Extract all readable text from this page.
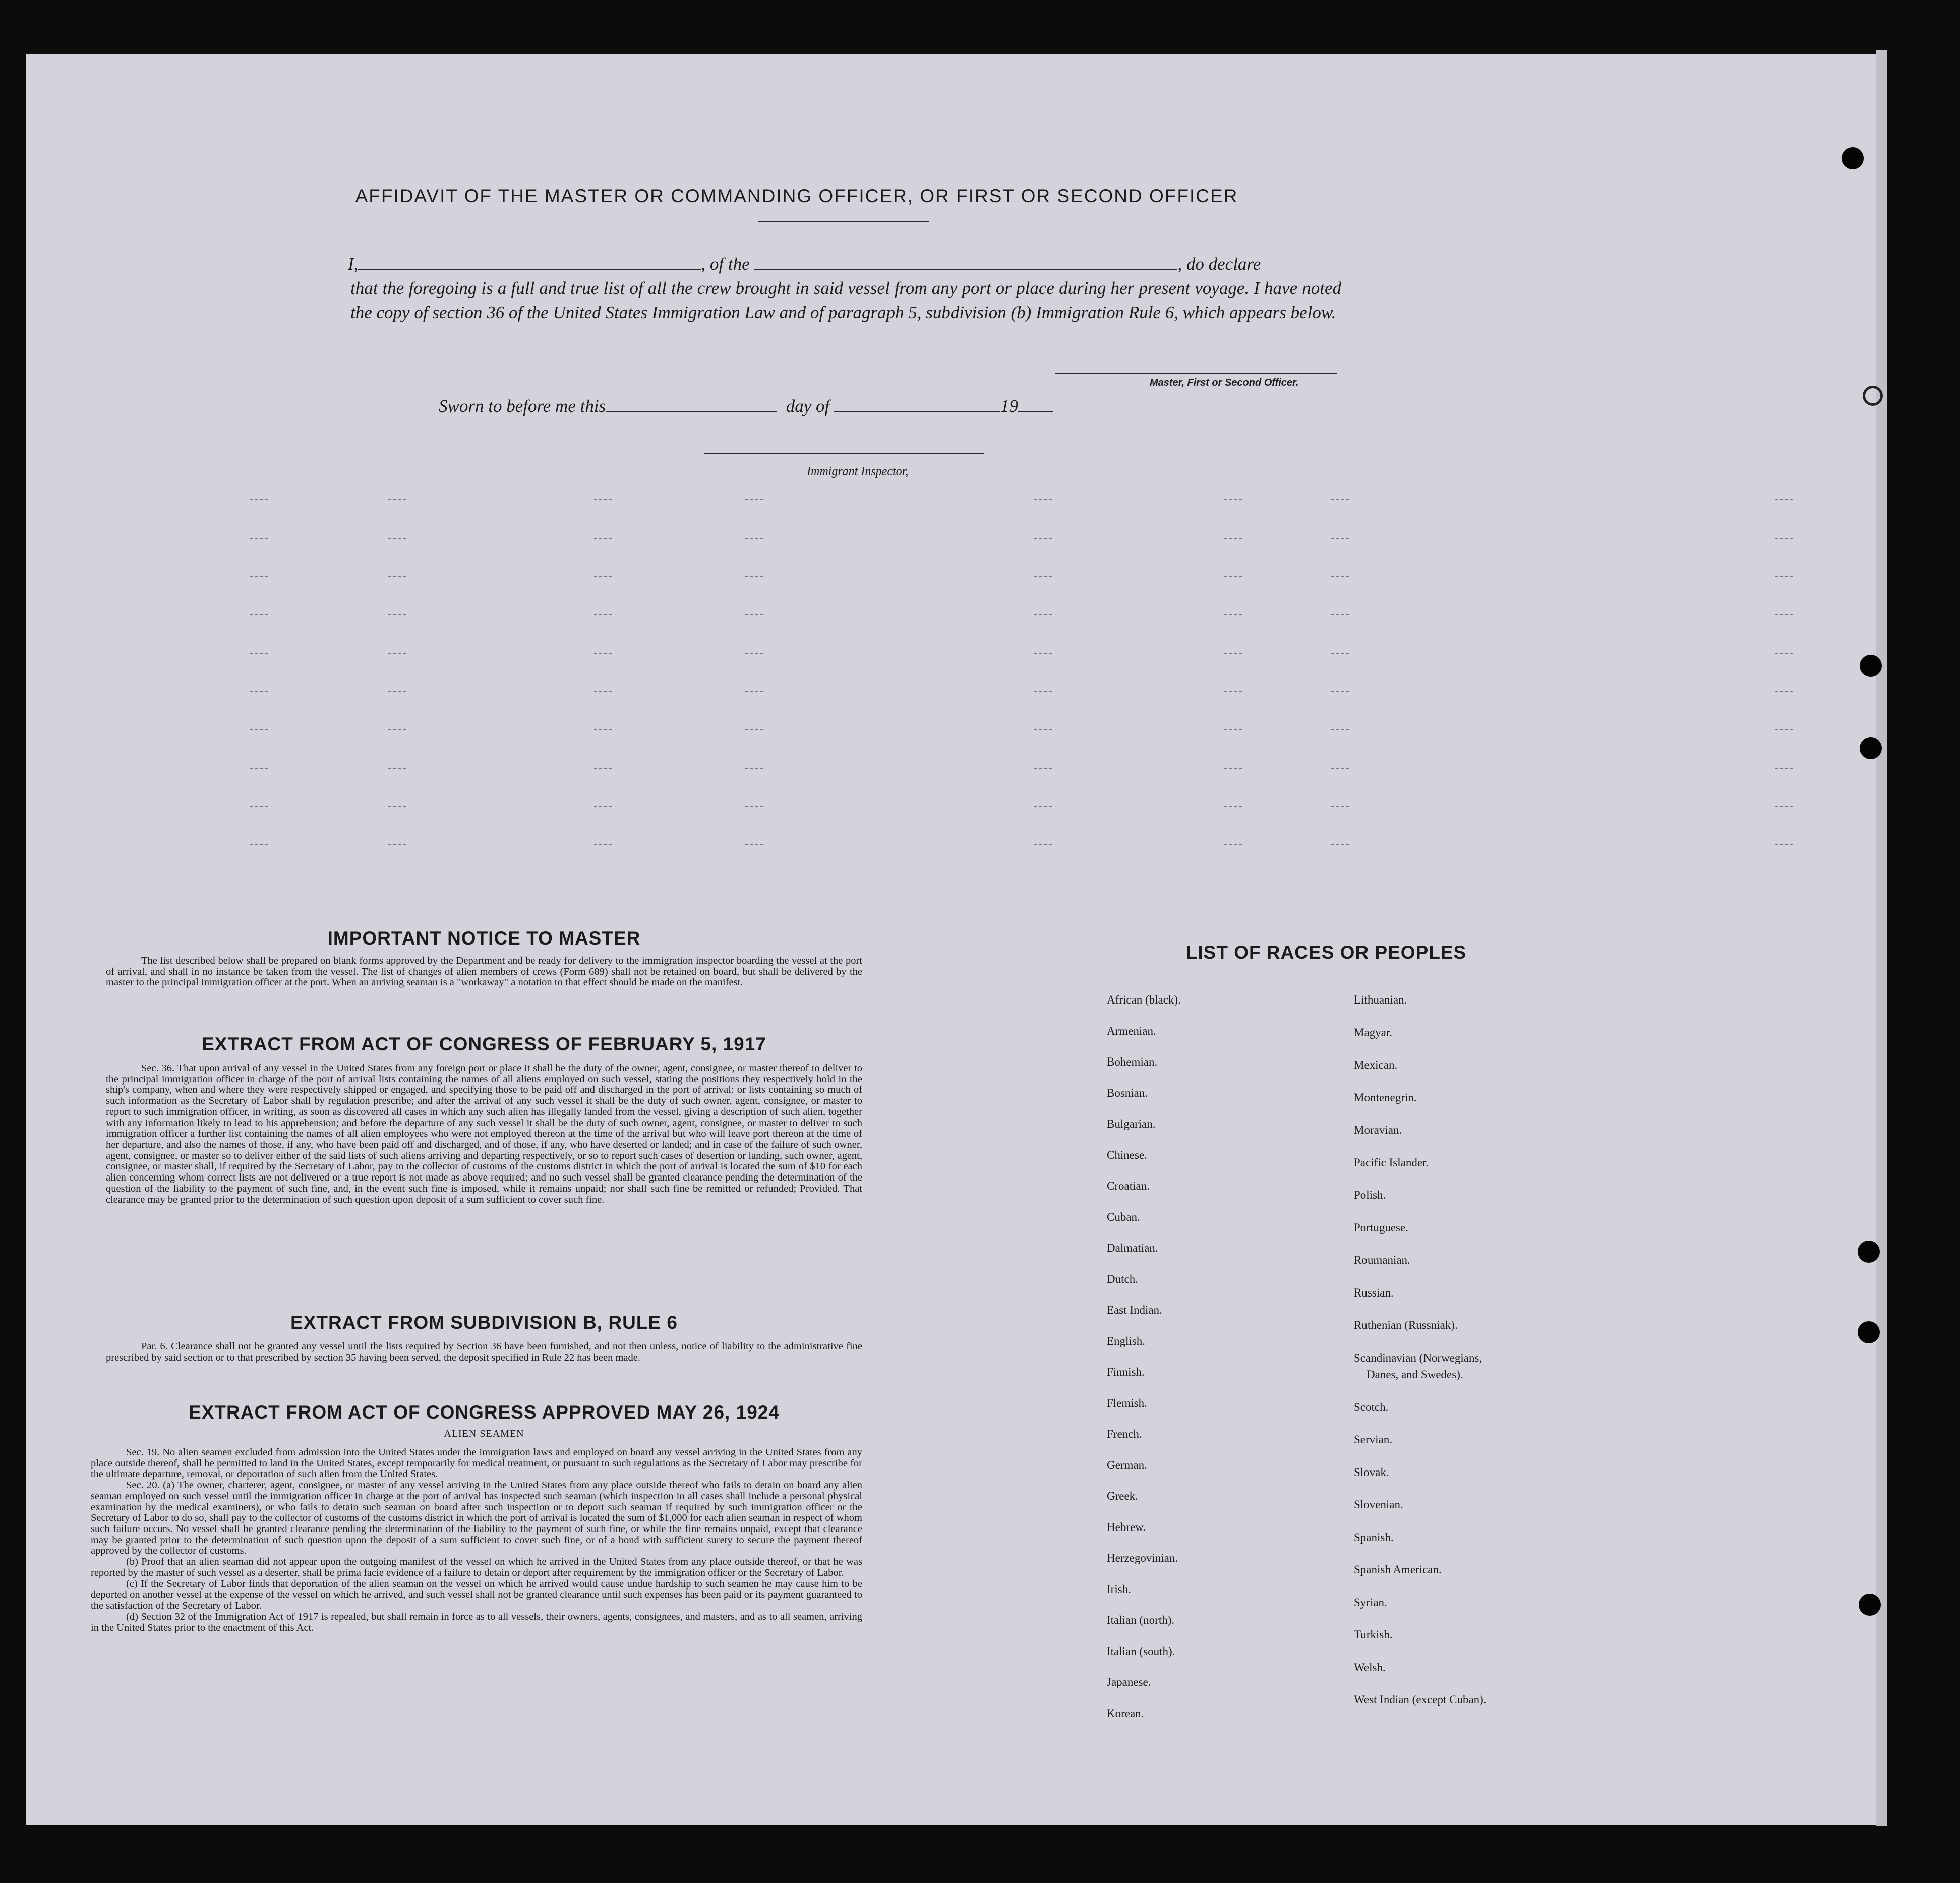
AFFIDAVIT OF THE MASTER OR COMMANDING OFFICER, OR FIRST OR SECOND OFFICER
I,	, of the	, do declare
that the foregoing is a full and true list of all the crew brought in said vessel from any port or place during her present voyage. I have noted the copy of section 36 of the United States Immigration Law and of paragraph 5, subdivision (b) Immigration Rule 6, which appears below.
Master, First or Second Officer.
Sworn to before me this	day of	19
Immigrant Inspector,
IMPORTANT NOTICE TO MASTER

The list described below shall be prepared on blank forms approved by the Department and be ready for delivery to the immigration inspector boarding the vessel at the port of arrival, and shall in no instance be taken from the vessel. The list of changes of alien members of crews (Form 689) shall not be retained on board, but shall be delivered by the master to the principal immigration officer at the port. When an arriving seaman is a "workaway" a notation to that effect should be made on the manifest.

EXTRACT FROM ACT OF CONGRESS OF FEBRUARY 5, 1917

Sec. 36. That upon arrival of any vessel in the United States from any foreign port or place it shall be the duty of the owner, agent, consignee, or master thereof to deliver to the principal immigration officer in charge of the port of arrival lists containing the names of all aliens employed on such vessel, stating the positions they respectively hold in the ship's company, when and where they were respectively shipped or engaged, and specifying those to be paid off and discharged in the port of arrival: or lists containing so much of such information as the Secretary of Labor shall by regulation prescribe; and after the arrival of any such vessel it shall be the duty of such owner, agent, consignee, or master to report to such immigration officer, in writing, as soon as discovered all cases in which any such alien has illegally landed from the vessel, giving a description of such alien, together with any information likely to lead to his apprehension; and before the departure of any such vessel it shall be the duty of such owner, agent, consignee, or master to deliver to such immigration officer a further list containing the names of all alien employees who were not employed thereon at the time of the arrival but who will leave port thereon at the time of her departure, and also the names of those, if any, who have been paid off and discharged, and of those, if any, who have deserted or landed; and in case of the failure of such owner, agent, consignee, or master so to deliver either of the said lists of such aliens arriving and departing respectively, or so to report such cases of desertion or landing, such owner, agent, consignee, or master shall, if required by the Secretary of Labor, pay to the collector of customs of the customs district in which the port of arrival is located the sum of $10 for each alien concerning whom correct lists are not delivered or a true report is not made as above required; and no such vessel shall be granted clearance pending the determination of the question of the liability to the payment of such fine, and, in the event such fine is imposed, while it remains unpaid; nor shall such fine be remitted or refunded; Provided. That clearance may be granted prior to the determination of such question upon deposit of a sum sufficient to cover such fine.

EXTRACT FROM SUBDIVISION B, RULE 6

Par. 6. Clearance shall not be granted any vessel until the lists required by Section 36 have been furnished, and not then unless, notice of liability to the administrative fine prescribed by said section or to that prescribed by section 35 having been served, the deposit specified in Rule 22 has been made.

EXTRACT FROM ACT OF CONGRESS APPROVED MAY 26, 1924
ALIEN SEAMEN

Sec. 19. No alien seamen excluded from admission into the United States under the immigration laws and employed on board any vessel arriving in the United States from any place outside thereof, shall be permitted to land in the United States, except temporarily for medical treatment, or pursuant to such regulations as the Secretary of Labor may prescribe for the ultimate departure, removal, or deportation of such alien from the United States.

Sec. 20. (a) The owner, charterer, agent, consignee, or master of any vessel arriving in the United States from any place outside thereof who fails to detain on board any alien seaman employed on such vessel until the immigration officer in charge at the port of arrival has inspected such seaman (which inspection in all cases shall include a personal physical examination by the medical examiners), or who fails to detain such seaman on board after such inspection or to deport such seaman if required by such immigration officer or the Secretary of Labor to do so, shall pay to the collector of customs of the customs district in which the port of arrival is located the sum of $1,000 for each alien seaman in respect of whom such failure occurs. No vessel shall be granted clearance pending the determination of the liability to the payment of such fine, or while the fine remains unpaid, except that clearance may be granted prior to the determination of such question upon the deposit of a sum sufficient to cover such fine, or of a bond with sufficient surety to secure the payment thereof approved by the collector of customs.

(b) Proof that an alien seaman did not appear upon the outgoing manifest of the vessel on which he arrived in the United States from any place outside thereof, or that he was reported by the master of such vessel as a deserter, shall be prima facie evidence of a failure to detain or deport after requirement by the immigration officer or the Secretary of Labor.

(c) If the Secretary of Labor finds that deportation of the alien seaman on the vessel on which he arrived would cause undue hardship to such seamen he may cause him to be deported on another vessel at the expense of the vessel on which he arrived, and such vessel shall not be granted clearance until such expenses has been paid or its payment guaranteed to the satisfaction of the Secretary of Labor.

(d) Section 32 of the Immigration Act of 1917 is repealed, but shall remain in force as to all vessels, their owners, agents, consignees, and masters, and as to all seamen, arriving in the United States prior to the enactment of this Act.

LIST OF RACES OR PEOPLES
African (black).
Armenian.
Bohemian.
Bosnian.
Bulgarian.
Chinese.
Croatian.
Cuban.
Dalmatian.
Dutch.
East Indian.
English.
Finnish.
Flemish.
French.
German.
Greek.
Hebrew.
Herzegovinian.
Irish.
Italian (north).
Italian (south).
Japanese.
Korean.
Lithuanian.
Magyar.
Mexican.
Montenegrin.
Moravian.
Pacific Islander.
Polish.
Portuguese.
Roumanian.
Russian.
Ruthenian (Russniak).
Scandinavian (Norwegians,
Danes, and Swedes).
Scotch.
Servian.
Slovak.
Slovenian.
Spanish.
Spanish American.
Syrian.
Turkish.
Welsh.
West Indian (except Cuban).
